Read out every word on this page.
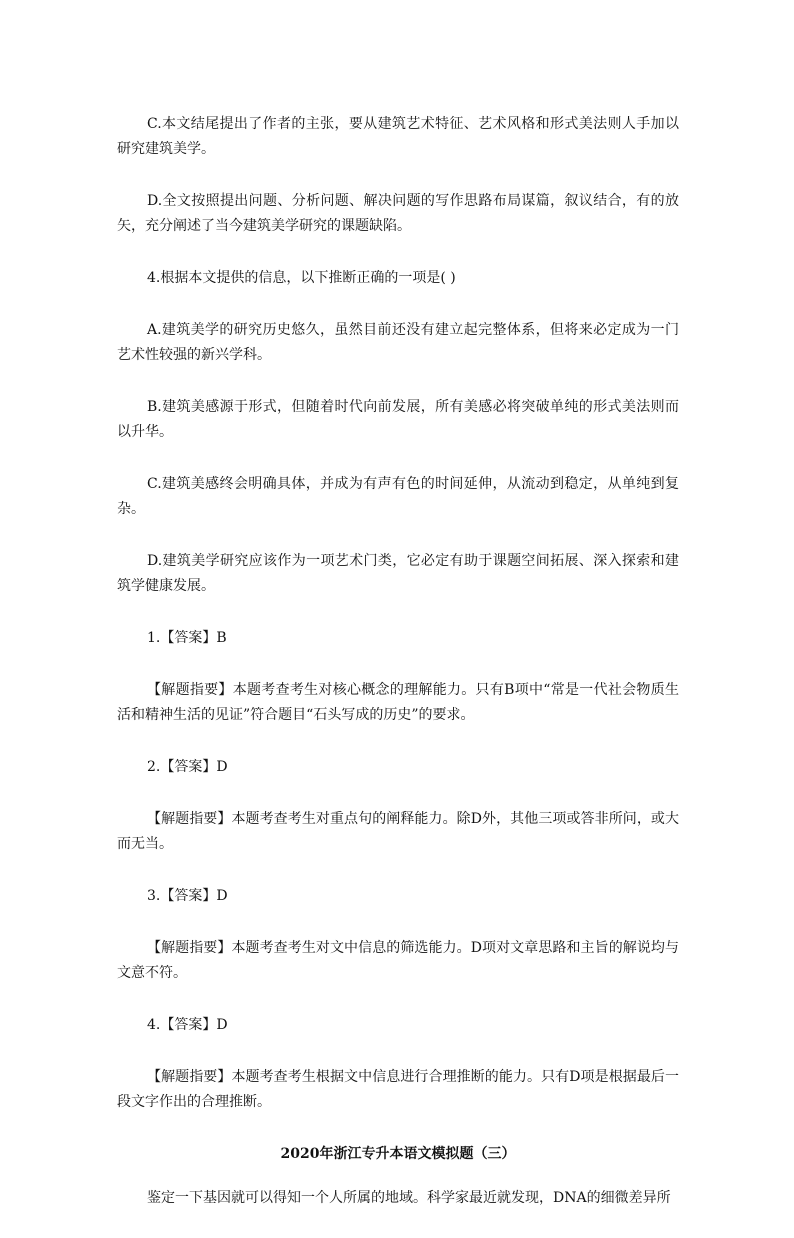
C.本文结尾提出了作者的主张，要从建筑艺术特征、艺术风格和形式美法则人手加以研究建筑美学。

D.全文按照提出问题、分析问题、解决问题的写作思路布局谋篇，叙议结合，有的放矢，充分阐述了当今建筑美学研究的课题缺陷。

4.根据本文提供的信息，以下推断正确的一项是( )

A.建筑美学的研究历史悠久，虽然目前还没有建立起完整体系，但将来必定成为一门艺术性较强的新兴学科。

B.建筑美感源于形式，但随着时代向前发展，所有美感必将突破单纯的形式美法则而以升华。

C.建筑美感终会明确具体，并成为有声有色的时间延伸，从流动到稳定，从单纯到复杂。

D.建筑美学研究应该作为一项艺术门类，它必定有助于课题空间拓展、深入探索和建筑学健康发展。

1.【答案】B

【解题指要】本题考查考生对核心概念的理解能力。只有B项中“常是一代社会物质生活和精神生活的见证”符合题目“石头写成的历史”的要求。

2.【答案】D

【解题指要】本题考查考生对重点句的阐释能力。除D外，其他三项或答非所问，或大而无当。

3.【答案】D

【解题指要】本题考查考生对文中信息的筛选能力。D项对文章思路和主旨的解说均与文意不符。

4.【答案】D

【解题指要】本题考查考生根据文中信息进行合理推断的能力。只有D项是根据最后一段文字作出的合理推断。

2020年浙江专升本语文模拟题（三）

鉴定一下基因就可以得知一个人所属的地域。科学家最近就发现，DNA的细微差异所
